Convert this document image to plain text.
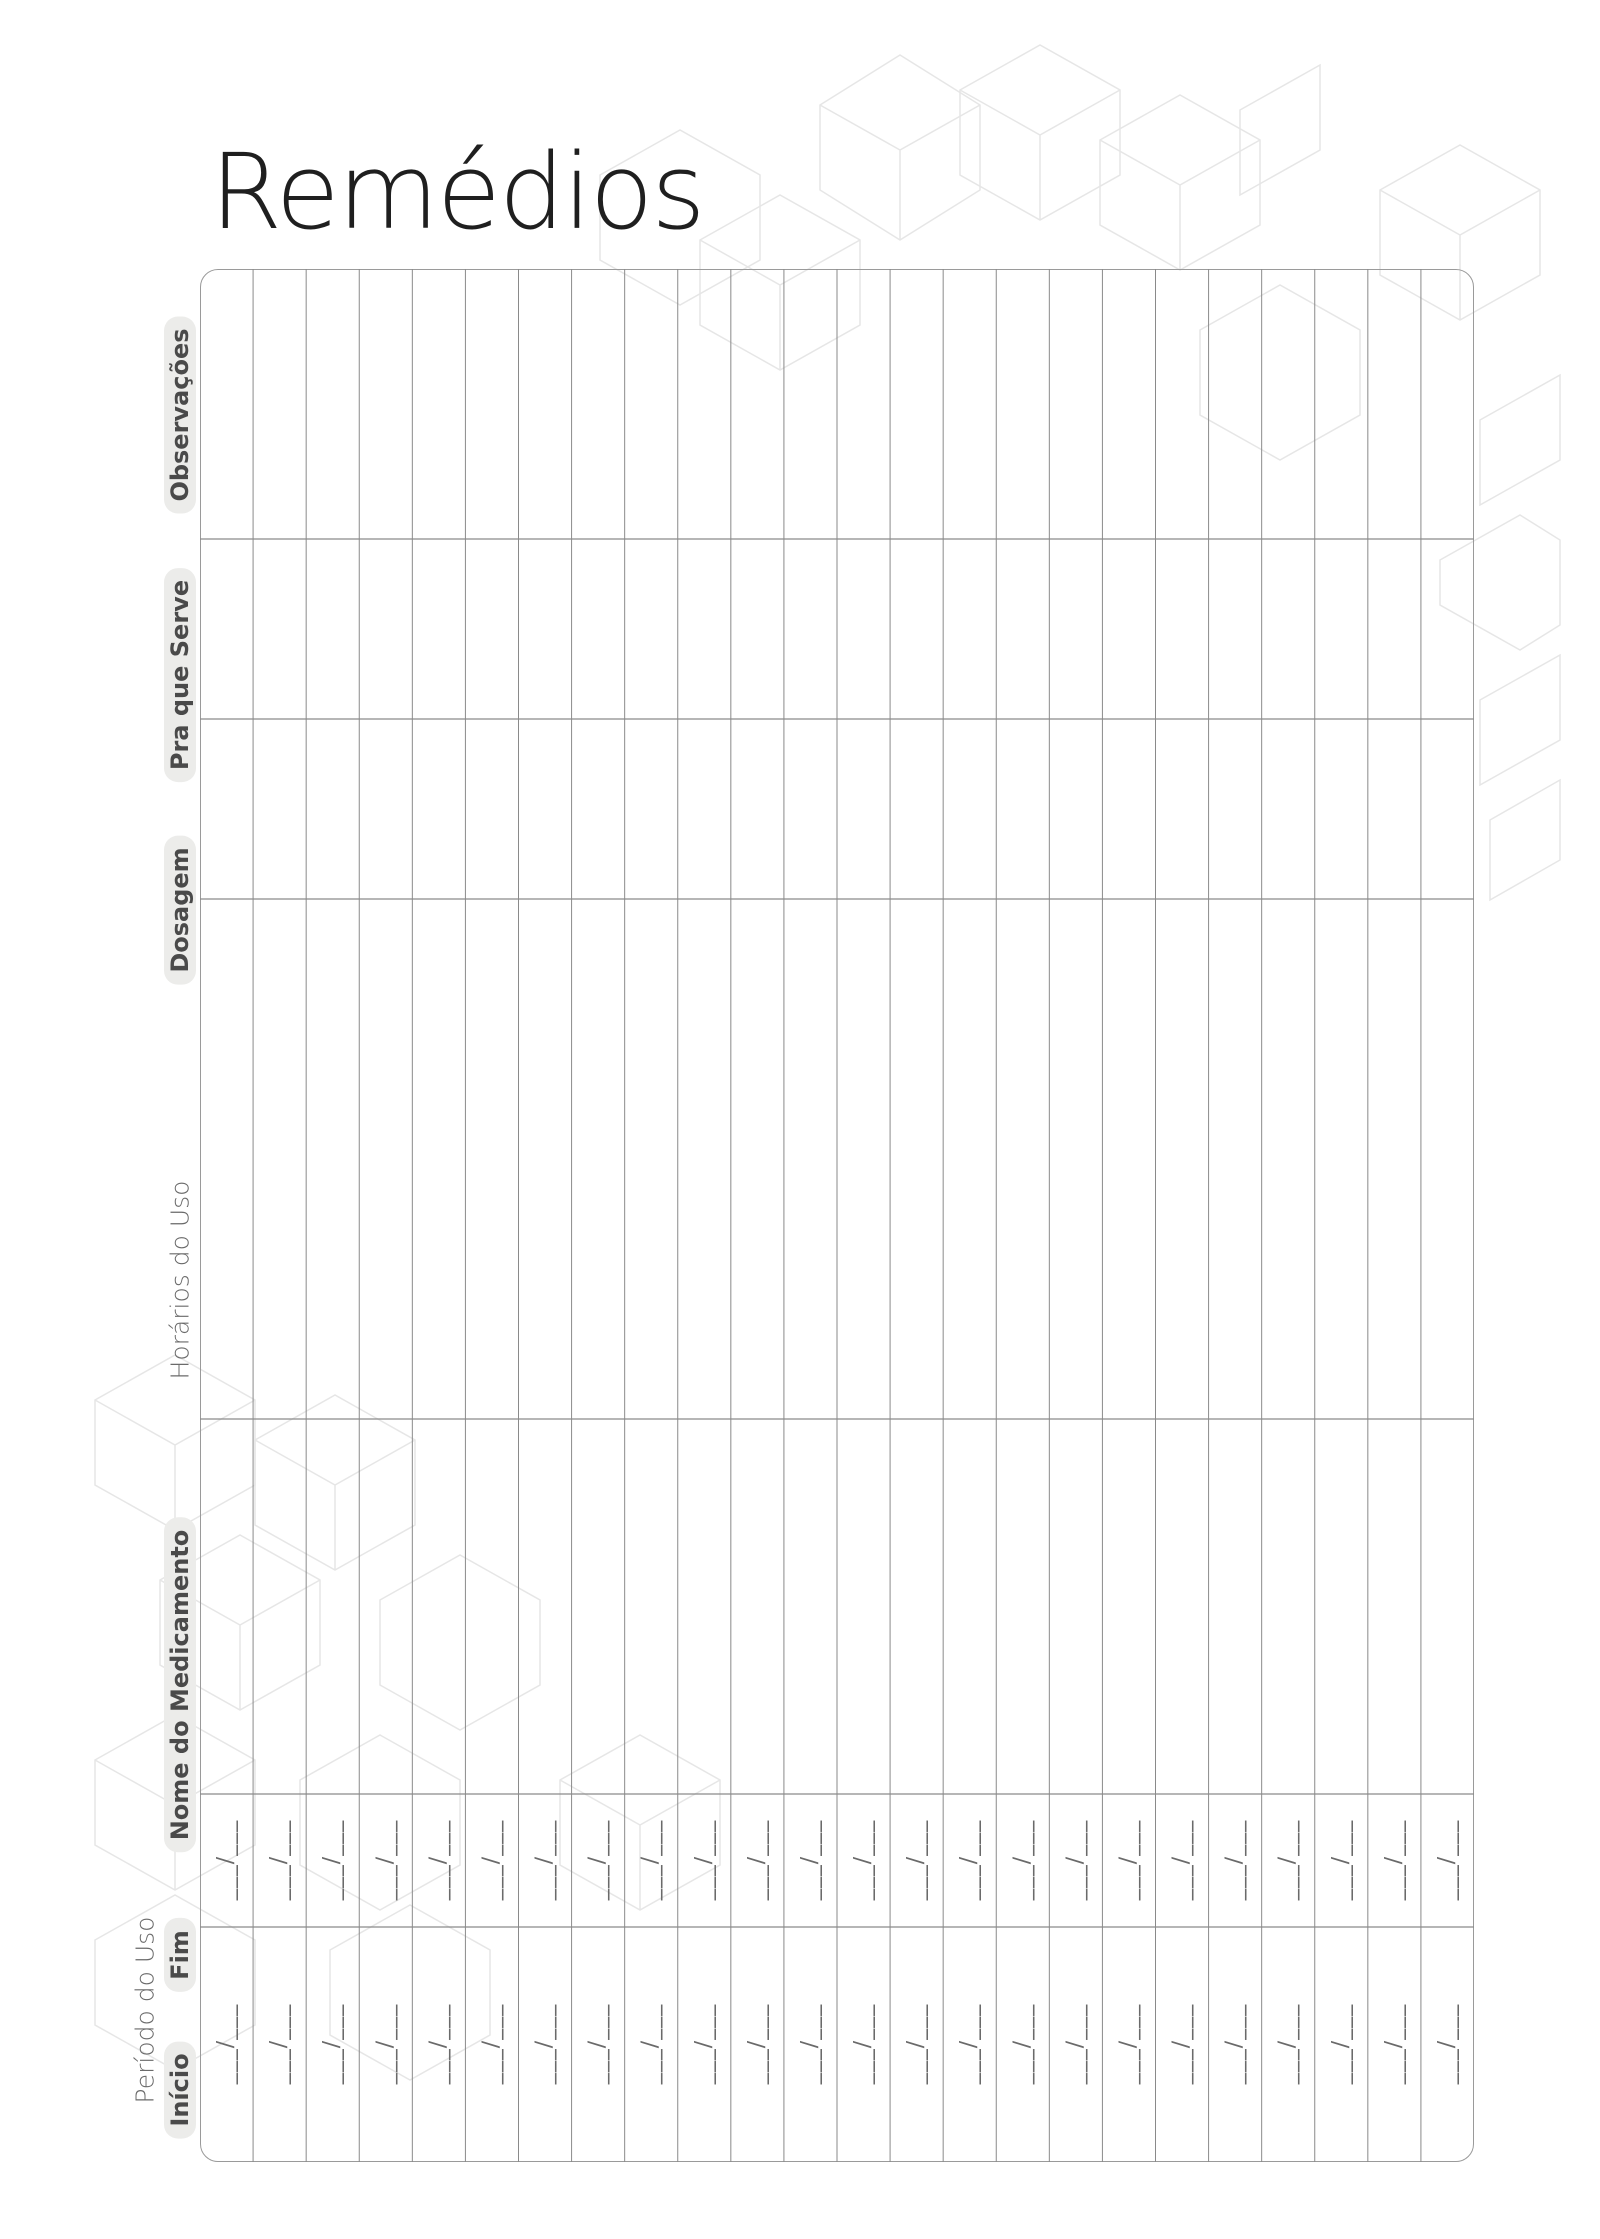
Remédios
___/___
___/___
___/___
___/___
___/___
___/___
___/___
___/___
___/___
___/___
___/___
___/___
___/___
___/___
___/___
___/___
___/___
___/___
___/___
___/___
___/___
___/___
___/___
___/___
___/___
___/___
___/___
___/___
___/___
___/___
___/___
___/___
___/___
___/___
___/___
___/___
___/___
___/___
___/___
___/___
___/___
___/___
___/___
___/___
___/___
___/___
___/___
___/___
Observações
Pra que Serve
Dosagem
Horários do Uso
Nome do Medicamento
Período do Uso Fim
Início
